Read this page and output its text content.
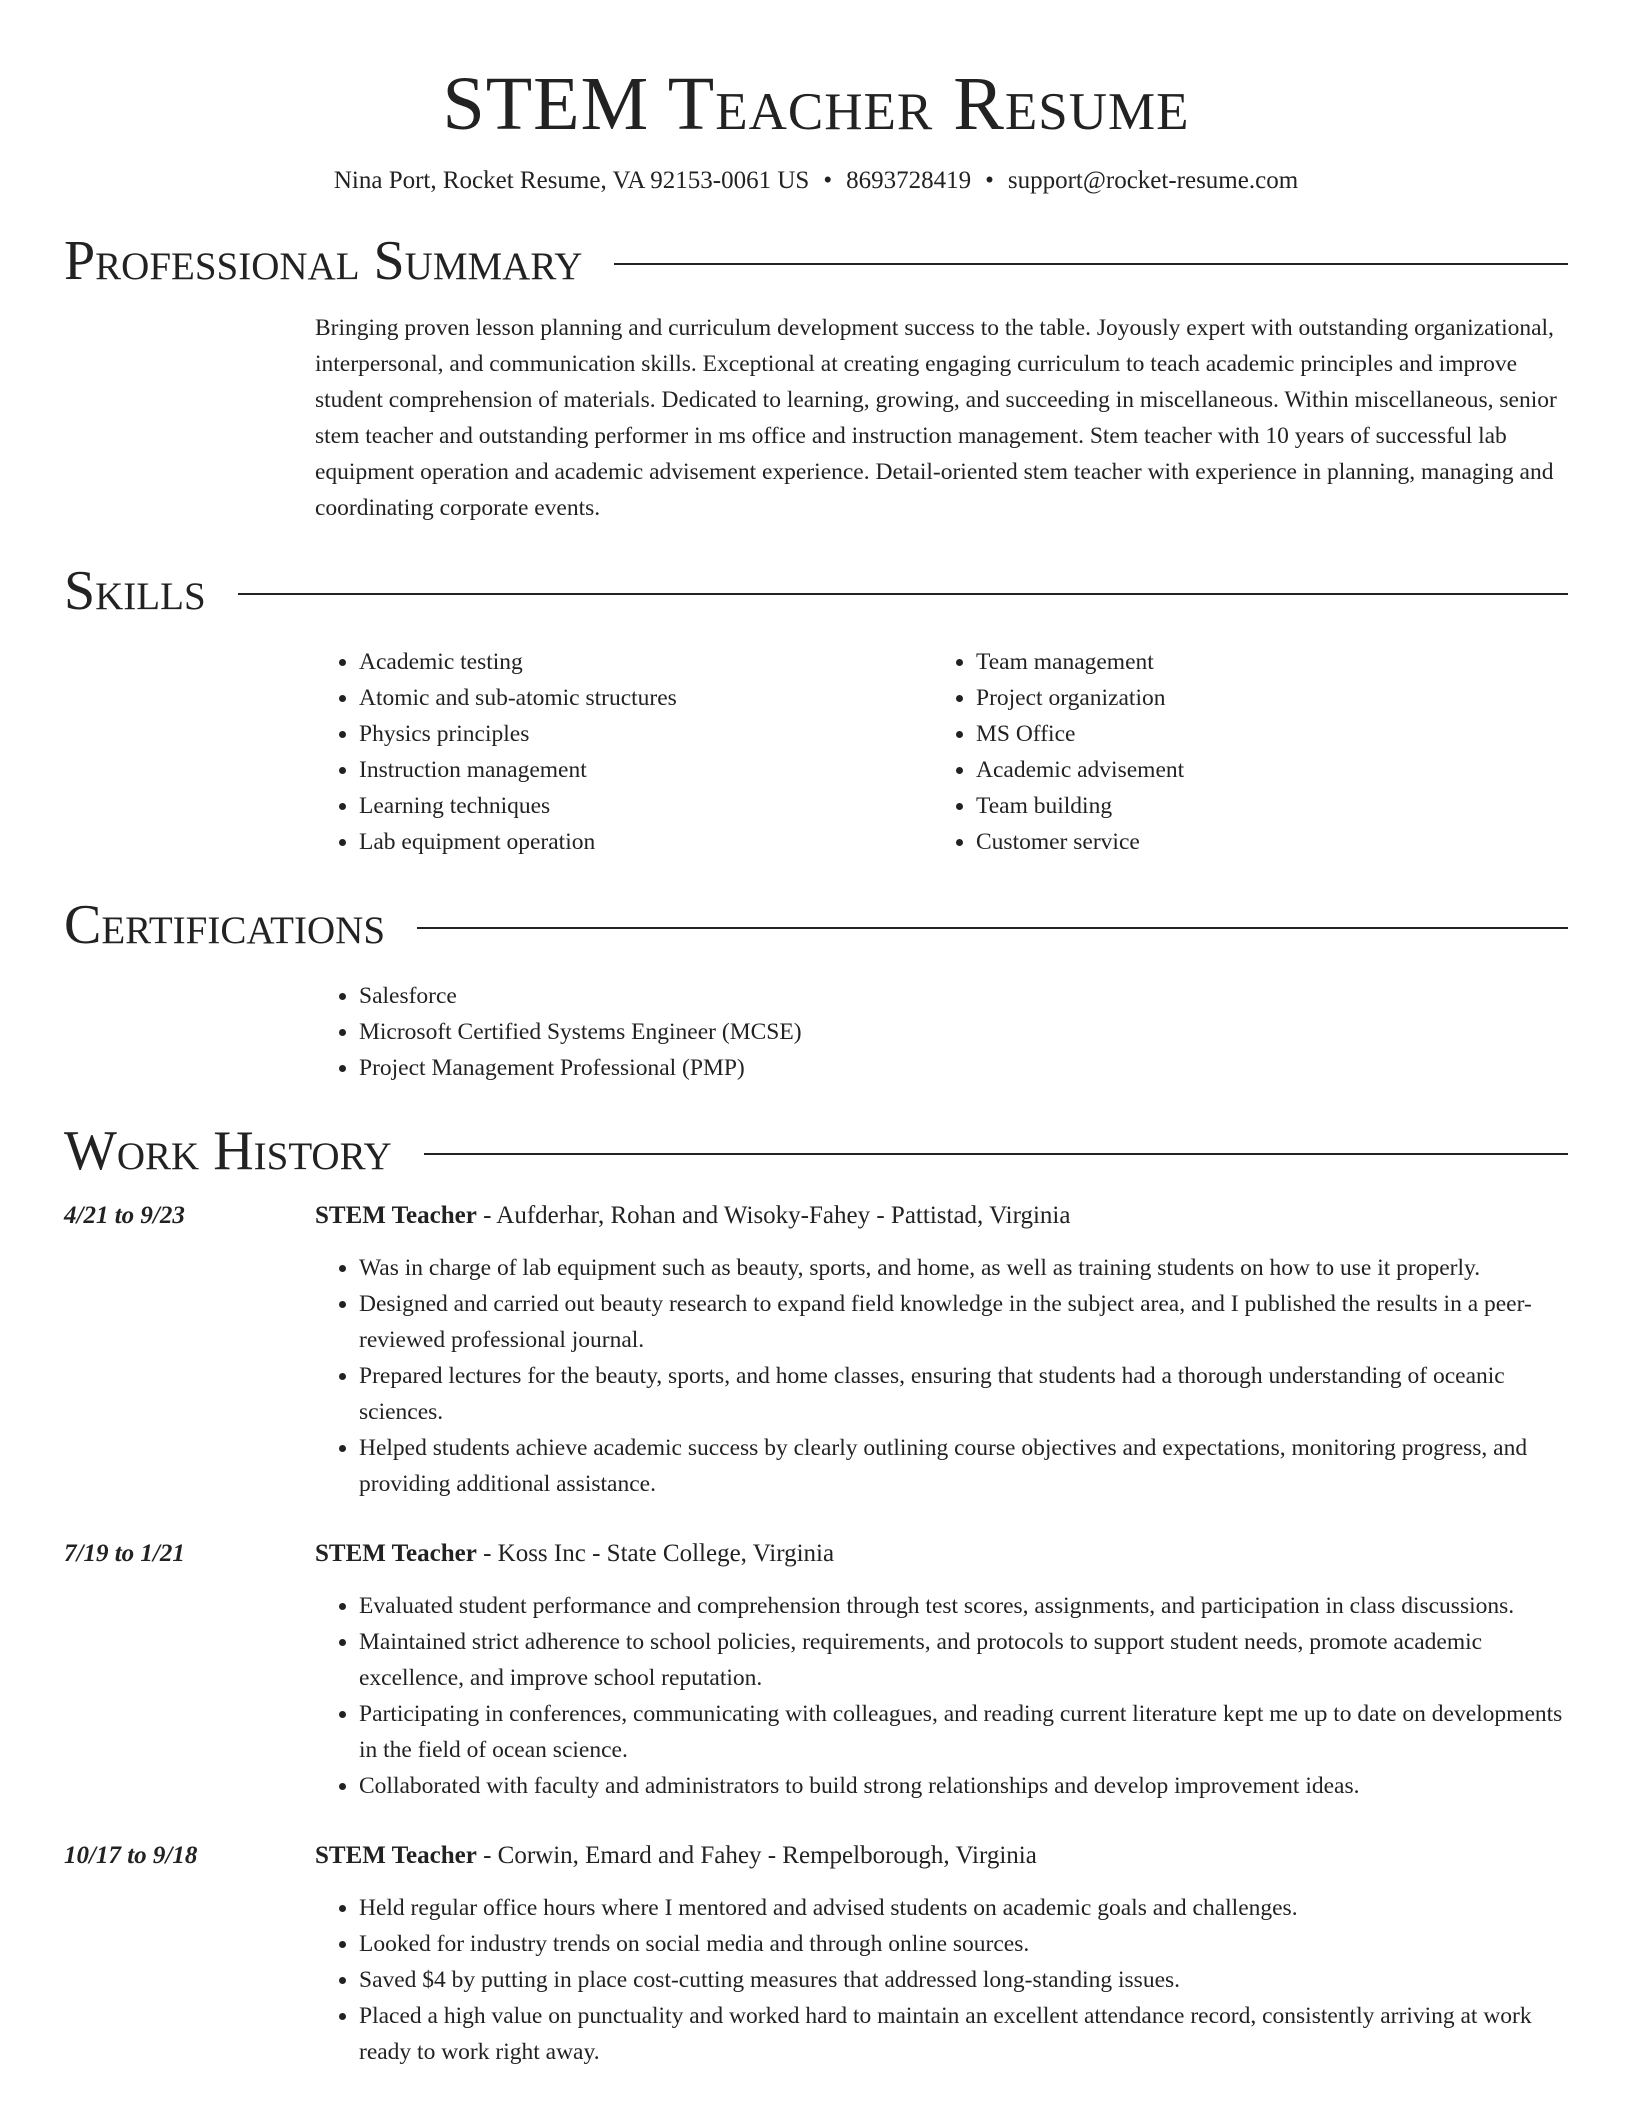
STEM Teacher Resume
Nina Port, Rocket Resume, VA 92153-0061 US • 8693728419 • support@rocket-resume.com
Professional Summary
Bringing proven lesson planning and curriculum development success to the table. Joyously expert with outstanding organizational, interpersonal, and communication skills. Exceptional at creating engaging curriculum to teach academic principles and improve student comprehension of materials. Dedicated to learning, growing, and succeeding in miscellaneous. Within miscellaneous, senior stem teacher and outstanding performer in ms office and instruction management. Stem teacher with 10 years of successful lab equipment operation and academic advisement experience. Detail-oriented stem teacher with experience in planning, managing and coordinating corporate events.
Skills
• Academic testing
• Atomic and sub-atomic structures
• Physics principles
• Instruction management
• Learning techniques
• Lab equipment operation
• Team management
• Project organization
• MS Office
• Academic advisement
• Team building
• Customer service
Certifications
• Salesforce
• Microsoft Certified Systems Engineer (MCSE)
• Project Management Professional (PMP)
Work History
4/21 to 9/23	STEM Teacher - Aufderhar, Rohan and Wisoky-Fahey - Pattistad, Virginia
• Was in charge of lab equipment such as beauty, sports, and home, as well as training students on how to use it properly.
• Designed and carried out beauty research to expand field knowledge in the subject area, and I published the results in a peer-reviewed professional journal.
• Prepared lectures for the beauty, sports, and home classes, ensuring that students had a thorough understanding of oceanic sciences.
• Helped students achieve academic success by clearly outlining course objectives and expectations, monitoring progress, and providing additional assistance.
7/19 to 1/21	STEM Teacher - Koss Inc - State College, Virginia
• Evaluated student performance and comprehension through test scores, assignments, and participation in class discussions.
• Maintained strict adherence to school policies, requirements, and protocols to support student needs, promote academic excellence, and improve school reputation.
• Participating in conferences, communicating with colleagues, and reading current literature kept me up to date on developments in the field of ocean science.
• Collaborated with faculty and administrators to build strong relationships and develop improvement ideas.
10/17 to 9/18	STEM Teacher - Corwin, Emard and Fahey - Rempelborough, Virginia
• Held regular office hours where I mentored and advised students on academic goals and challenges.
• Looked for industry trends on social media and through online sources.
• Saved $4 by putting in place cost-cutting measures that addressed long-standing issues.
• Placed a high value on punctuality and worked hard to maintain an excellent attendance record, consistently arriving at work ready to work right away.
